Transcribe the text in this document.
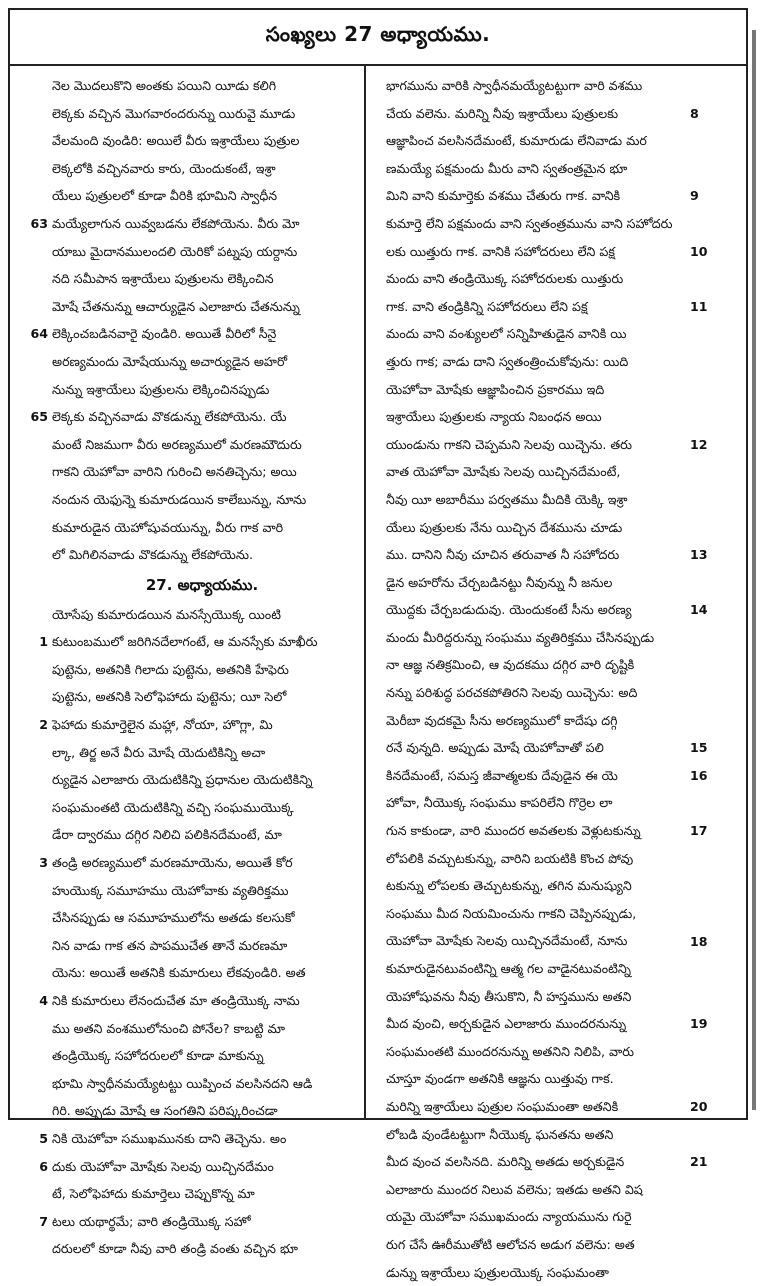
సంఖ్యలు 27 అధ్యాయము.
నెల మొదలుకొని అంతకు పయిని యీడు కలిగి
లెక్కకు వచ్చిన మొగవారందరున్ను యిరువై మూడు
వేలమంది వుండిరి: అయిలే వీరు ఇశ్రాయేలు పుత్రుల
లెక్కలోకి వచ్చినవారు కారు, యెందుకంటే, ఇశ్రా
యేలు పుత్రులలో కూడా వీరికి భూమిని స్వాధీన
మయ్యేలాగున యివ్వబడను లేకపోయెను. వీరు మో
యాబు మైదానములందలి యెరికో పట్నపు యర్దాను
నది సమీపాన ఇశ్రాయేలు పుత్రులను లెక్కించిన
మోషే చేతనున్ను ఆచార్యుడైన ఎలాజారు చేతనున్ను
లెక్కించబడినవారై వుండిరి. అయితే వీరిలో సీనై
అరణ్యమందు మోషేయున్ను అచార్యుడైన అహరో
నున్ను ఇశ్రాయేలు పుత్రులను లెక్కించినప్పుడు
లెక్కకు వచ్చినవాడు వొకడున్ను లేకపోయెను. యే
మంటే నిజముగా వీరు అరణ్యములో మరణమౌదురు
గాకని యెహోవా వారిని గురించి అనతిచ్చెను; అయి
నందున యెఫున్నె కుమారుడయిన కాలేబున్ను, నూను
కుమారుడైన యెహోషువయున్ను, వీరు గాక వారి
లో మిగిలినవాడు వొకడున్ను లేకపోయెను.
27. అధ్యాయము.
యోసేపు కుమారుడయిన మనస్సేయొక్క యింటి
కుటుంబములో జరిగినదేలాగంటే, ఆ మనస్సేకు మాఖీరు
పుట్టెను, అతనికి గిలాదు పుట్టెను, అతనికి హేఫెరు
పుట్టెను, అతనికి సెలోఫెహాదు పుట్టెను; యీ సెలో
ఫెహాదు కుమార్తెలైన మహ్లా, నోయా, హొగ్లా, మి
ల్కా, తిర్జ అనే వీరు మోషే యెదుటికిన్ని అచా
ర్యుడైన ఎలాజారు యెదుటికిన్ని ప్రధానుల యెదుటికిన్ని
సంఘమంతటి యెదుటికిన్ని వచ్చి సంఘముయొక్క
డేరా ద్వారము దగ్గిర నిలిచి పలికినదేమంటే, మా
తండ్రి అరణ్యములో మరణమాయెను, అయితే కోర
హుయొక్క సమూహము యెహోవాకు వ్యతిరిక్తము
చేసినప్పుడు ఆ సమూహములోను అతడు కలసుకో
నిన వాడు గాక తన పాపముచేత తానే మరణమా
యెను: అయితే అతనికి కుమారులు లేకవుండిరి. అత
నికి కుమారులు లేనందుచేత మా తండ్రియొక్క నామ
ము అతని వంశములోనుంచి పోనేల? కాబట్టి మా
తండ్రియొక్క సహోదరులలో కూడా మాకున్ను
భూమి స్వాధీనమయ్యేటట్టు యిప్పించ వలసినదని ఆడి
గిరి. అప్పుడు మోషే ఆ సంగతిని పరిష్కరించడా
నికి యెహోవా సముఖమునకు దాని తెచ్చెను. అం
దుకు యెహోవా మోషేకు సెలవు యిచ్చినదేమం
టే, సెలోఫెహాదు కుమార్తెలు చెప్పుకొన్న మా
టలు యథార్థమే; వారి తండ్రియొక్క సహో
దరులలో కూడా నీవు వారి తండ్రి వంతు వచ్చిన భూ
భాగమును వారికి స్వాధీనమయ్యేటట్టుగా వారి వశము
చేయ వలెను. మరిన్ని నీవు ఇశ్రాయేలు పుత్రులకు
ఆజ్ఞాపించ వలసినదేమంటే, కుమారుడు లేనివాడు మర
ణమయ్యే పక్షమందు మీరు వాని స్వతంత్రమైన భూ
మిని వాని కుమార్తెకు వశము చేతురు గాక. వానికి
కుమార్తె లేని పక్షమందు వాని స్వతంత్రమును వాని సహోదరు
లకు యిత్తురు గాక. వానికి సహోదరులు లేని పక్ష
మందు వాని తండ్రియొక్క సహోదరులకు యిత్తురు
గాక. వాని తండ్రికిన్ని సహోదరులు లేని పక్ష
మందు వాని వంశ్యులలో సన్నిహితుడైన వానికి యి
త్తురు గాక; వాడు దాని స్వతంత్రించుకోవును: యిది
యెహోవా మోషేకు ఆజ్ఞాపించిన ప్రకారము ఇది
ఇశ్రాయేలు పుత్రులకు న్యాయ నిబంధన అయి
యుండును గాకని చెప్పమని సెలవు యిచ్చెను. తరు
వాత యెహోవా మోషేకు సెలవు యిచ్చినదేమంటే,
నీవు యీ అబారీము పర్వతము మీదికి యెక్కి ఇశ్రా
యేలు పుత్రులకు నేను యిచ్చిన దేశమును చూడు
ము. దానిని నీవు చూచిన తరువాత నీ సహోదరు
డైన అహరోను చేర్చబడినట్టు నీవున్ను నీ జనుల
యొద్దకు చేర్చబడుదువు. యెందుకంటే సీను అరణ్య
మందు మీరిద్దరున్ను సంఘము వ్యతిరిక్తము చేసినప్పుడు
నా ఆజ్ఞ నతిక్రమించి, ఆ వుదకము దగ్గిర వారి దృష్టికి
నన్ను పరిశుద్ధ పరచకపోతిరని సెలవు యిచ్చెను: అది
మెరీబా వుదకమై సీను అరణ్యములో కాదేషు దగ్గి
రనే వున్నది. అప్పుడు మోషే యెహోవాతో పలి
కినదేమంటే, సమస్త జీవాత్మలకు దేవుడైన ఈ యె
హోవా, నీయొక్క సంఘము కాపరిలేని గొర్రెల లా
గున కాకుండా, వారి ముందర అవతలకు వెళ్లుటకున్ను
లోపలికి వచ్చుటకున్ను, వారిని బయటికి కొంచ పోవు
టకున్ను లోపలకు తెచ్చుటకున్ను, తగిన మనుష్యుని
సంఘము మీద నియమించును గాకని చెప్పినప్పుడు,
యెహోవా మోషేకు సెలవు యిచ్చినదేమంటే, నూను
కుమారుడైనటువంటిన్ని ఆత్మ గల వాడైనటువంటిన్ని
యెహోషువను నీవు తీసుకొని, నీ హస్తమును అతని
మీద వుంచి, అర్చకుడైన ఎలాజారు ముందరనున్ను
సంఘమంతటి ముందరనున్ను అతనిని నిలిపి, వారు
చూస్తూ వుండగా అతనికి ఆజ్ఞను యిత్తువు గాక.
మరిన్ని ఇశ్రాయేలు పుత్రుల సంఘమంతా అతనికి
లోబడి వుండేటట్టుగా నీయొక్క ఘనతను అతని
మీద వుంచ వలసినది. మరిన్ని అతడు అర్చకుడైన
ఎలాజారు ముందర నిలువ వలెను; ఇతడు అతని విష
యమై యెహోవా సముఖమందు న్యాయమును గురై
రుగ చేసే ఊరీముతోటి ఆలోచన అడుగ వలెను: అత
డున్ను ఇశ్రాయేలు పుత్రులయొక్క సంఘమంతా
63
64
65
1
2
3
4
5
6
7
8
9
10
11
12
13
14
15
16
17
18
19
20
21
